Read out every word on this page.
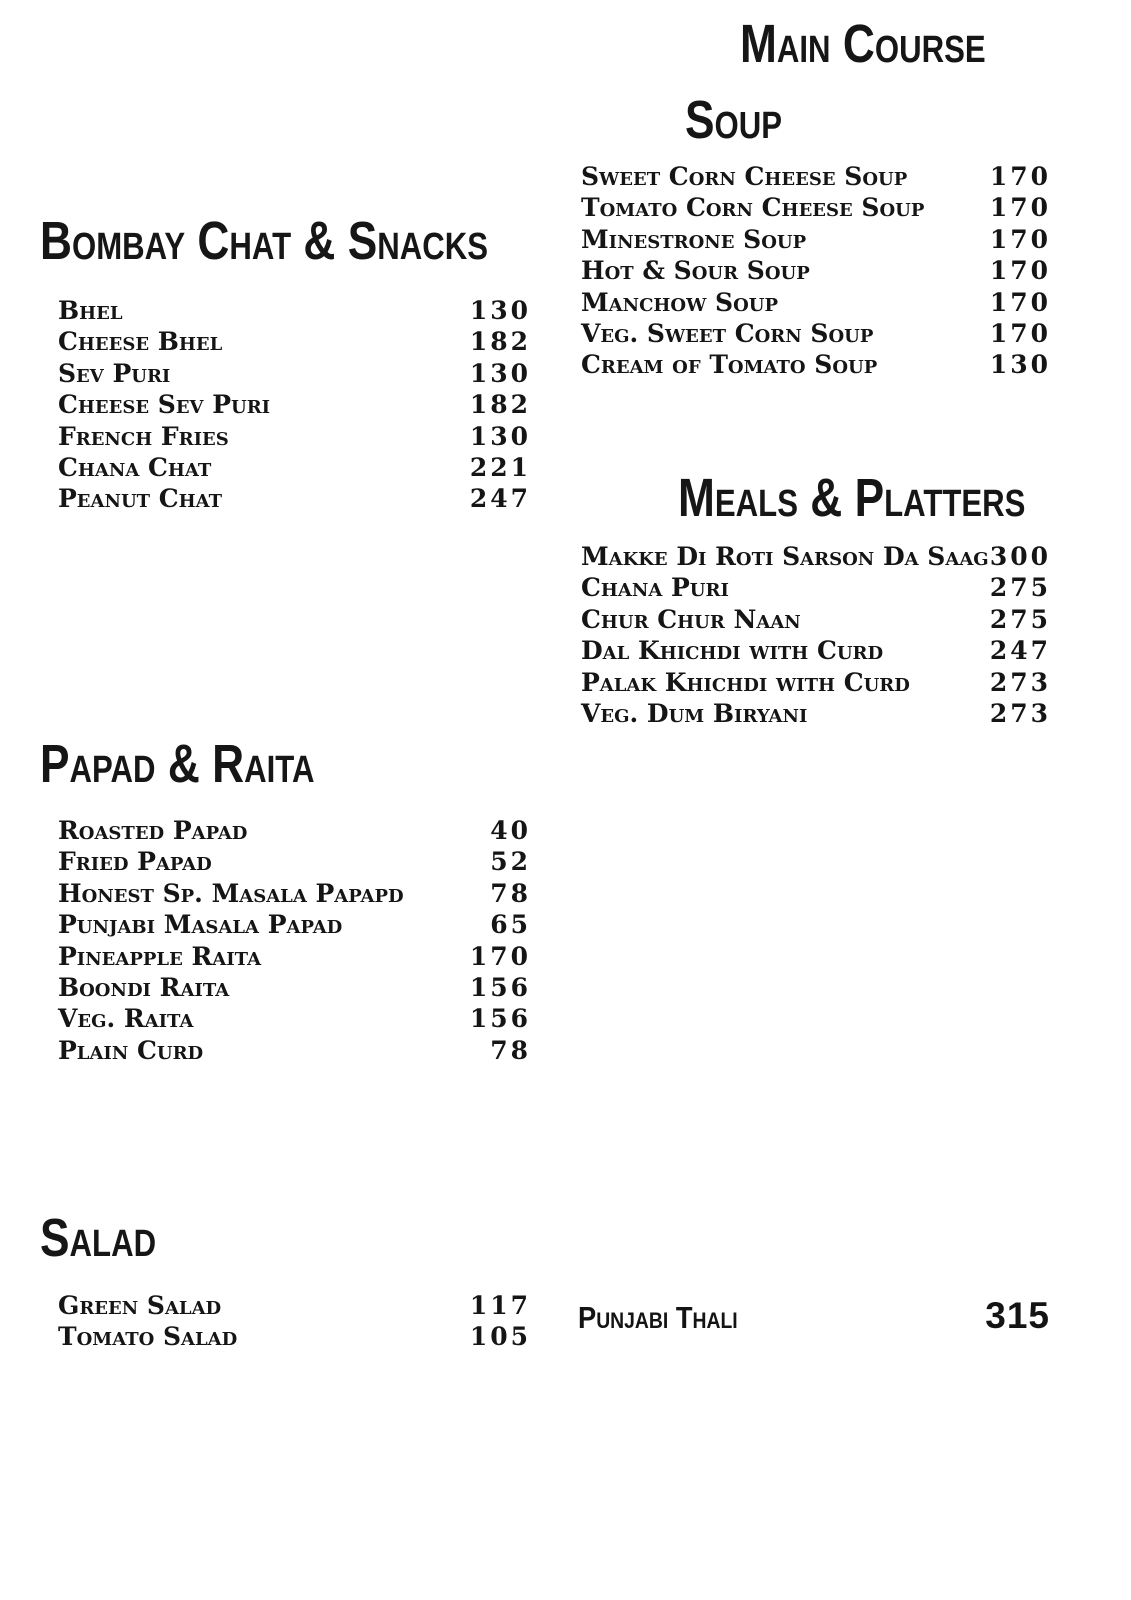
Main Course
Soup
Sweet Corn Cheese Soup	170
Tomato Corn Cheese Soup	170
Minestrone Soup	170
Hot & Sour Soup	170
Manchow Soup	170
Veg. Sweet Corn Soup	170
Cream of Tomato Soup	130
Meals & Platters
Makke Di Roti Sarson Da Saag 300
Chana Puri	275
Chur Chur Naan	275
Dal Khichdi with Curd	247
Palak Khichdi with Curd	273
Veg. Dum Biryani	273
Bombay Chat & Snacks
Bhel	130
Cheese Bhel	182
Sev Puri	130
Cheese Sev Puri	182
French Fries	130
Chana Chat	221
Peanut Chat	247
Papad & Raita
Roasted Papad	40
Fried Papad	52
Honest Sp. Masala Papapd	78
Punjabi Masala Papad	65
Pineapple Raita	170
Boondi Raita	156
Veg. Raita	156
Plain Curd	78
Salad
Green Salad	117
Tomato Salad	105
Punjabi Thali	315
